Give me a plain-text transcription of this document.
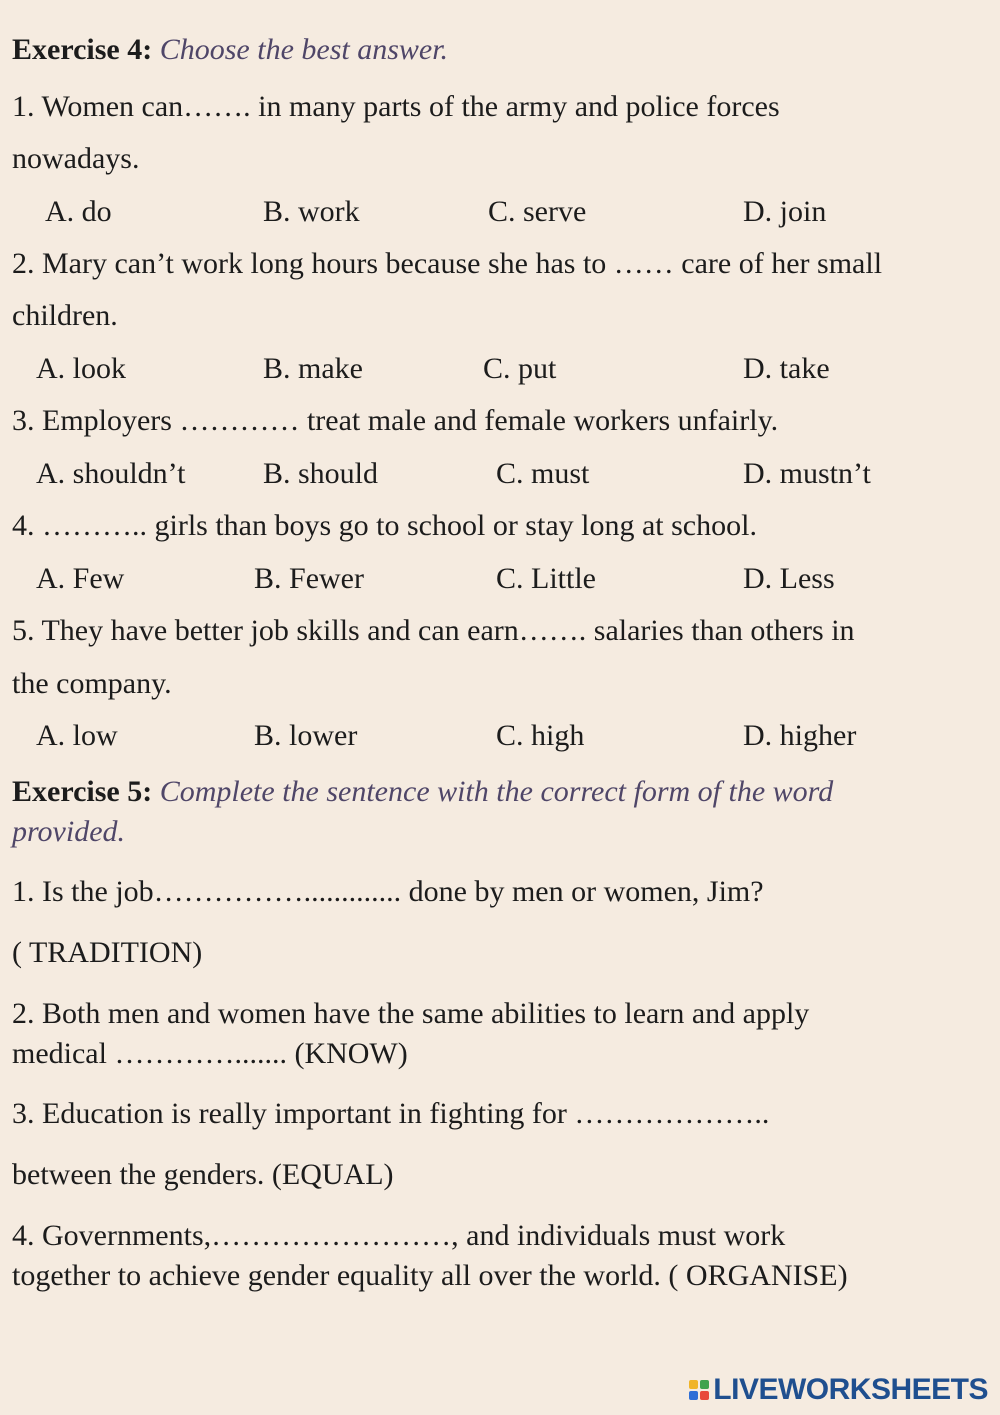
Exercise 4: Choose the best answer.
1. Women can……. in many parts of the army and police forces
nowadays.
A. do	B. work	C. serve	D. join
2. Mary can’t work long hours because she has to …… care of her small
children.
A. look	B. make	C. put	D. take
3. Employers ………… treat male and female workers unfairly.
A. shouldn’t	B. should	C. must	D. mustn’t
4. ……….. girls than boys go to school or stay long at school.
A. Few	B. Fewer	C. Little	D. Less
5. They have better job skills and can earn……. salaries than others in
the company.
A. low	B. lower	C. high	D. higher
Exercise 5: Complete the sentence with the correct form of the word
provided.
1. Is the job……………............. done by men or women, Jim?
( TRADITION)
2. Both men and women have the same abilities to learn and apply
medical …………....... (KNOW)
3. Education is really important in fighting for ………………..
between the genders. (EQUAL)
4. Governments,……………………, and individuals must work
together to achieve gender equality all over the world. ( ORGANISE)
LIVEWORKSHEETS
